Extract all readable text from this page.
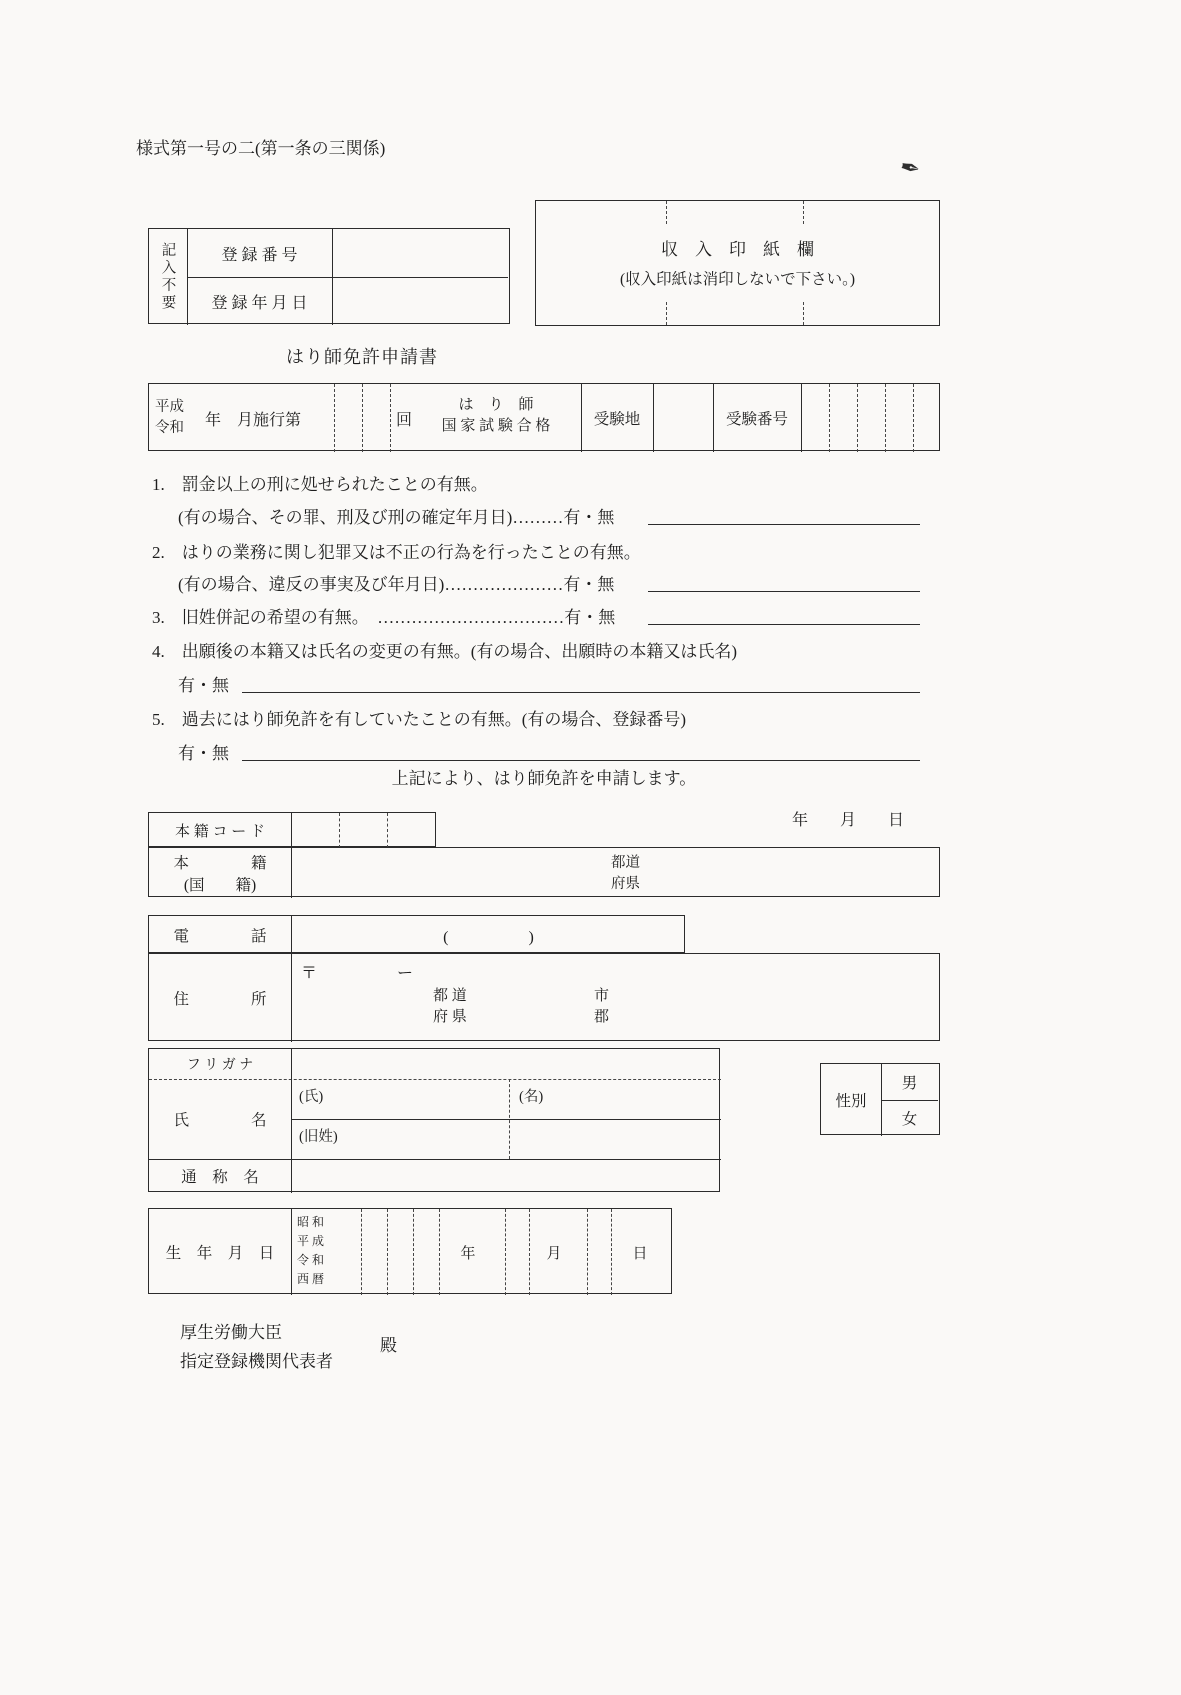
様式第一号の二(第一条の三関係)
✒
記入不要	登 録 番 号
登 録 年 月 日
収　入　印　紙　欄
(収入印紙は消印しないで下さい。)
はり師免許申請書
平成
令和 年　月施行第	回
は　り　師
国 家 試 験 合 格	受験地	受験番号
1.　罰金以上の刑に処せられたことの有無。
(有の場合、その罪、刑及び刑の確定年月日)………有・無
2.　はりの業務に関し犯罪又は不正の行為を行ったことの有無。
(有の場合、違反の事実及び年月日)…………………有・無
3.　旧姓併記の希望の有無。　……………………………有・無
4.　出願後の本籍又は氏名の変更の有無。(有の場合、出願時の本籍又は氏名)
有・無
5.　過去にはり師免許を有していたことの有無。(有の場合、登録番号)
有・無
上記により、はり師免許を申請します。
年　　月　　日
本 籍 コ ー ド
本　　　　籍
(国　　籍)
都道
府県
電　　　　話	(　　　　　)
住　　　　所
〒	ー
都 道
府 県
市
郡
フ リ ガ ナ
氏　　　　名
(氏)	(名)
(旧姓)
通　称　名
性別
男
女
生　年　月　日
昭 和
平 成
令 和
西 暦
年	月	日
厚生労働大臣
指定登録機関代表者
殿
